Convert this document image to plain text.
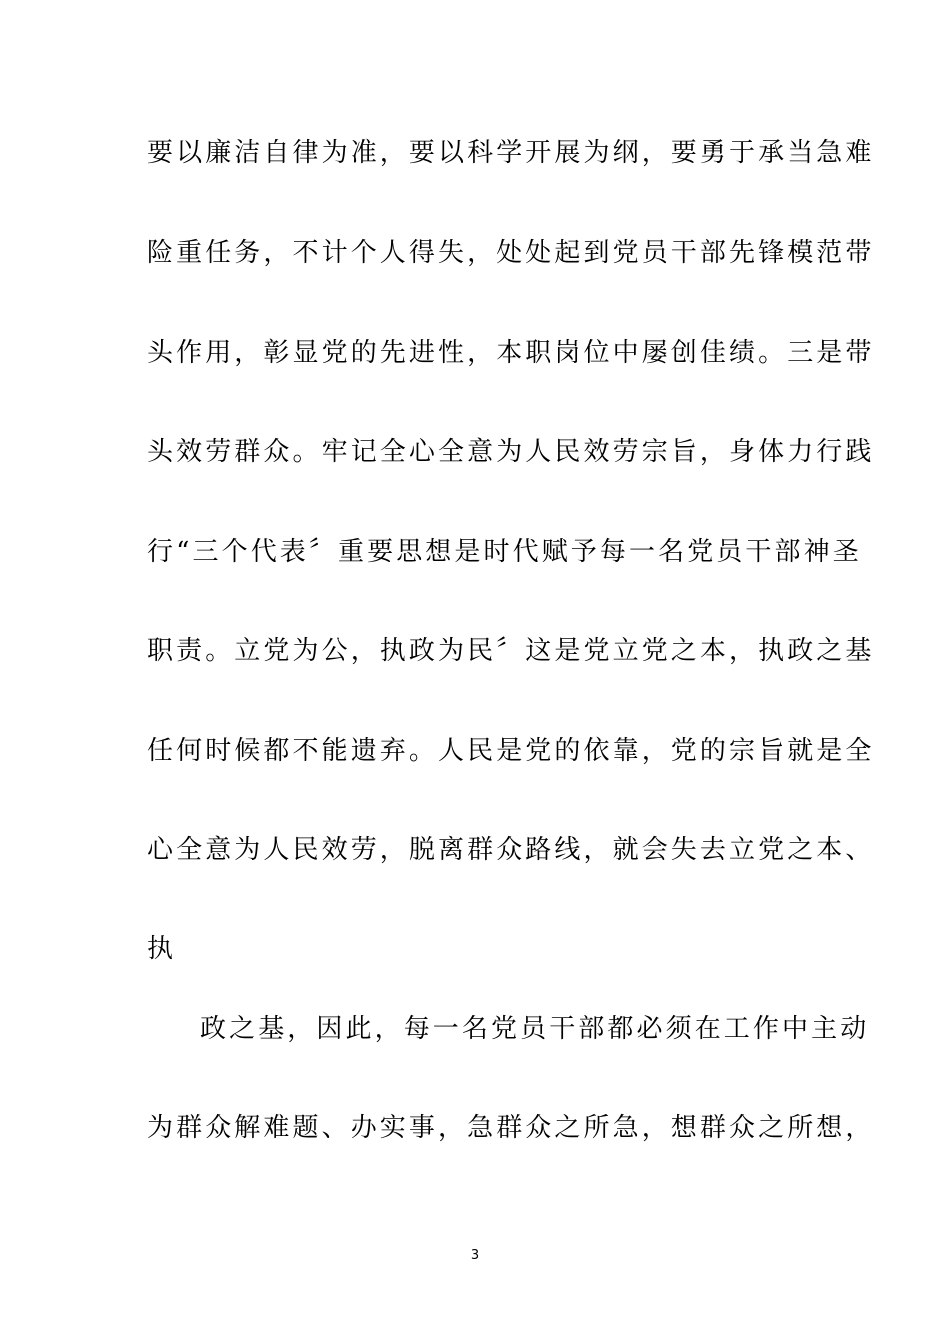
要以廉洁自律为准，要以科学开展为纲，要勇于承当急难
险重任务，不计个人得失，处处起到党员干部先锋模范带
头作用，彰显党的先进性，本职岗位中屡创佳绩。三是带
头效劳群众。牢记全心全意为人民效劳宗旨，身体力行践
行“三个代表〞重要思想是时代赋予每一名党员干部神圣
职责。立党为公，执政为民〞这是党立党之本，执政之基
任何时候都不能遗弃。人民是党的依靠，党的宗旨就是全
心全意为人民效劳，脱离群众路线，就会失去立党之本、
执
政之基，因此，每一名党员干部都必须在工作中主动
为群众解难题、办实事，急群众之所急，想群众之所想，
3
